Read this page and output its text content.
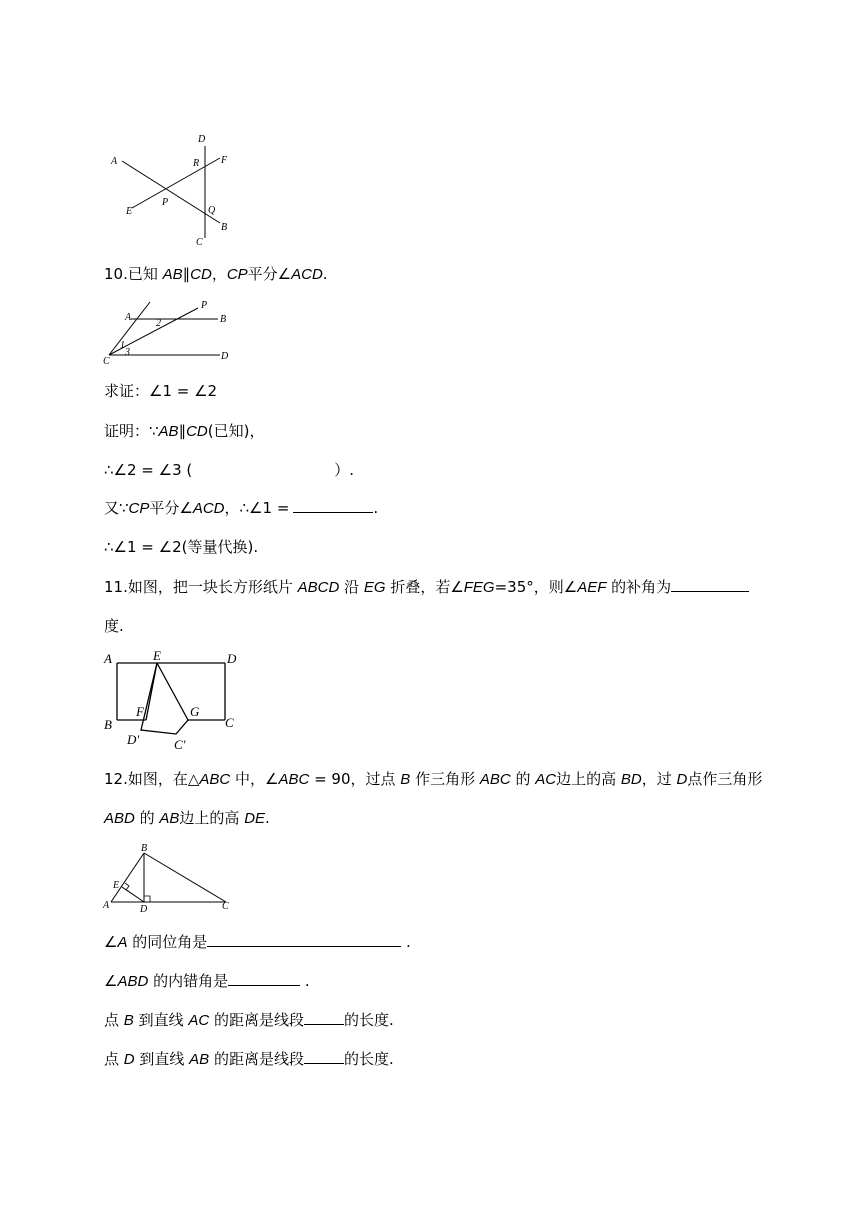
A
D
R F
E
P
Q
B
C
10.已知 AB∥CD，CP平分∠ACD.
A
P
B
C	D
2
1
3
求证：∠1 = ∠2
证明：∵AB∥CD(已知)，
∴∠2 = ∠3 (	）.
又∵CP平分∠ACD，∴∠1 =	.
∴∠1 = ∠2(等量代换).
11.如图，把一块长方形纸片 ABCD 沿 EG 折叠，若∠FEG=35°，则∠AEF 的补角为
度.
A	E	D
B
F	G
C
D′	C′
12.如图，在△ABC 中，∠ABC = 90，过点 B 作三角形 ABC 的 AC边上的高 BD，过 D点作三角形
ABD 的 AB边上的高 DE.
B
E
A	D	C
∠A 的同位角是	.
∠ABD 的内错角是	.
点 B 到直线 AC 的距离是线段	的长度.
点 D 到直线 AB 的距离是线段	的长度.
